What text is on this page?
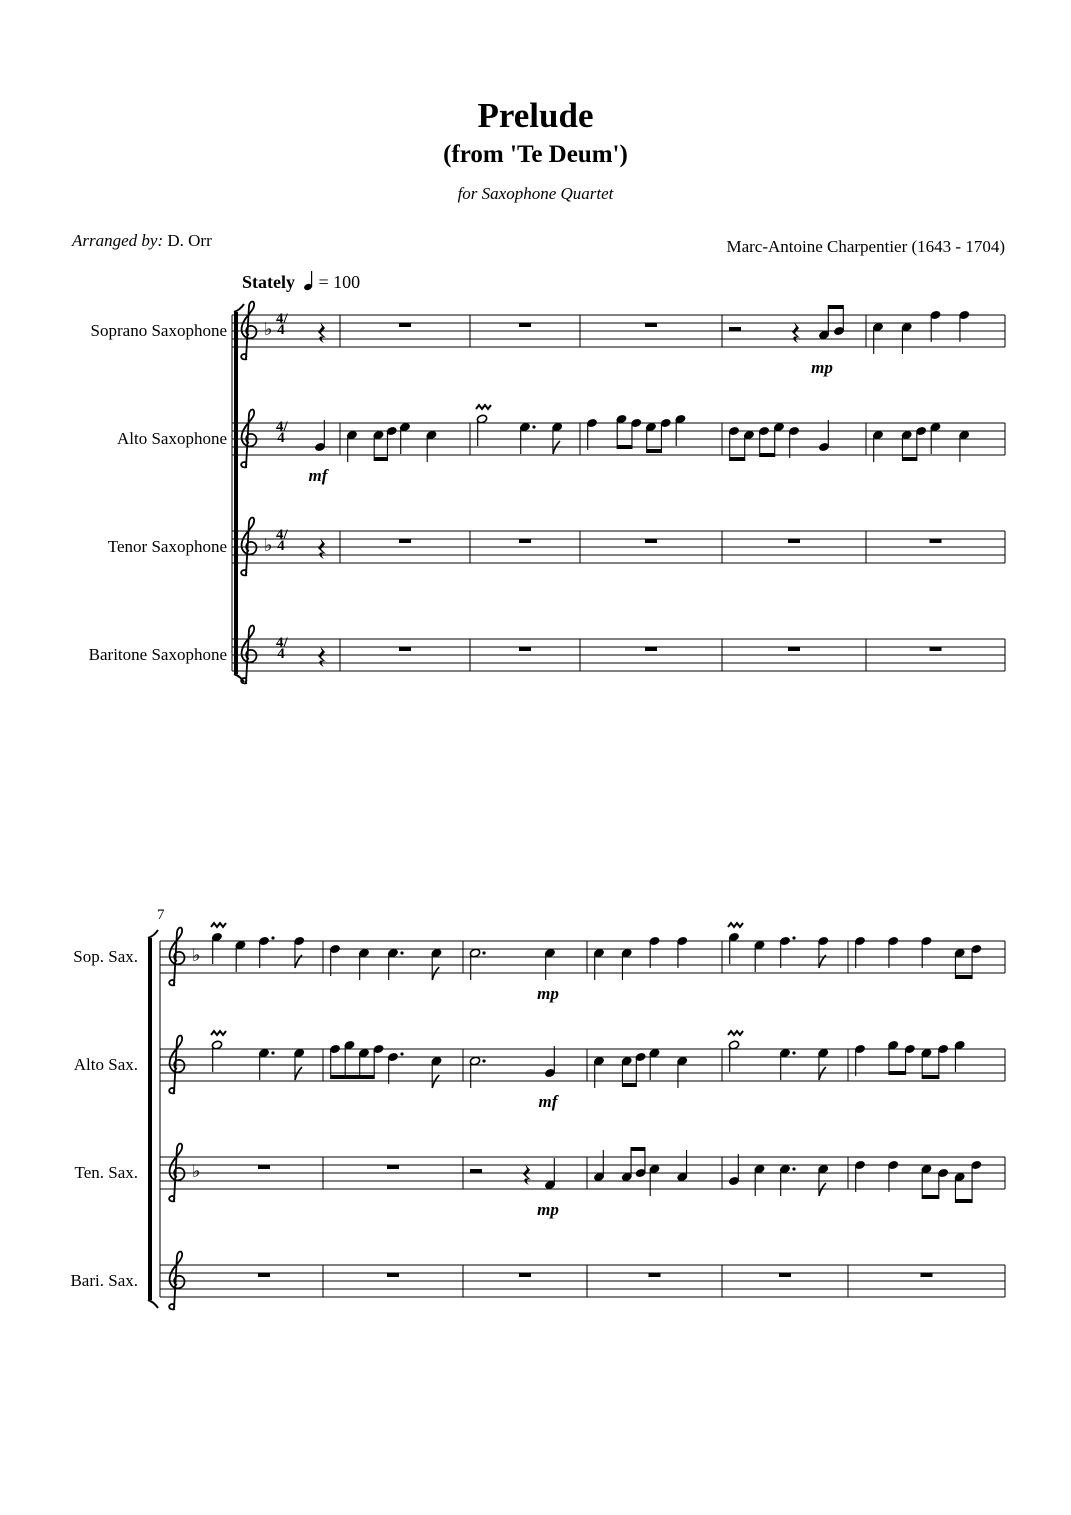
Prelude
(from 'Te Deum')
for Saxophone Quartet
Arranged by: D. Orr	Marc-Antoine Charpentier (1643 - 1704)
Stately = 100
4/4
4/4
4/4
4/4
Soprano Saxophone ♭
mp
Alto Saxophone
mf
Tenor Saxophone ♭
Baritone Saxophone
7
Sop. Sax.	♭
mp
Alto Sax.
mf
Ten. Sax.	♭
mp
Bari. Sax.
